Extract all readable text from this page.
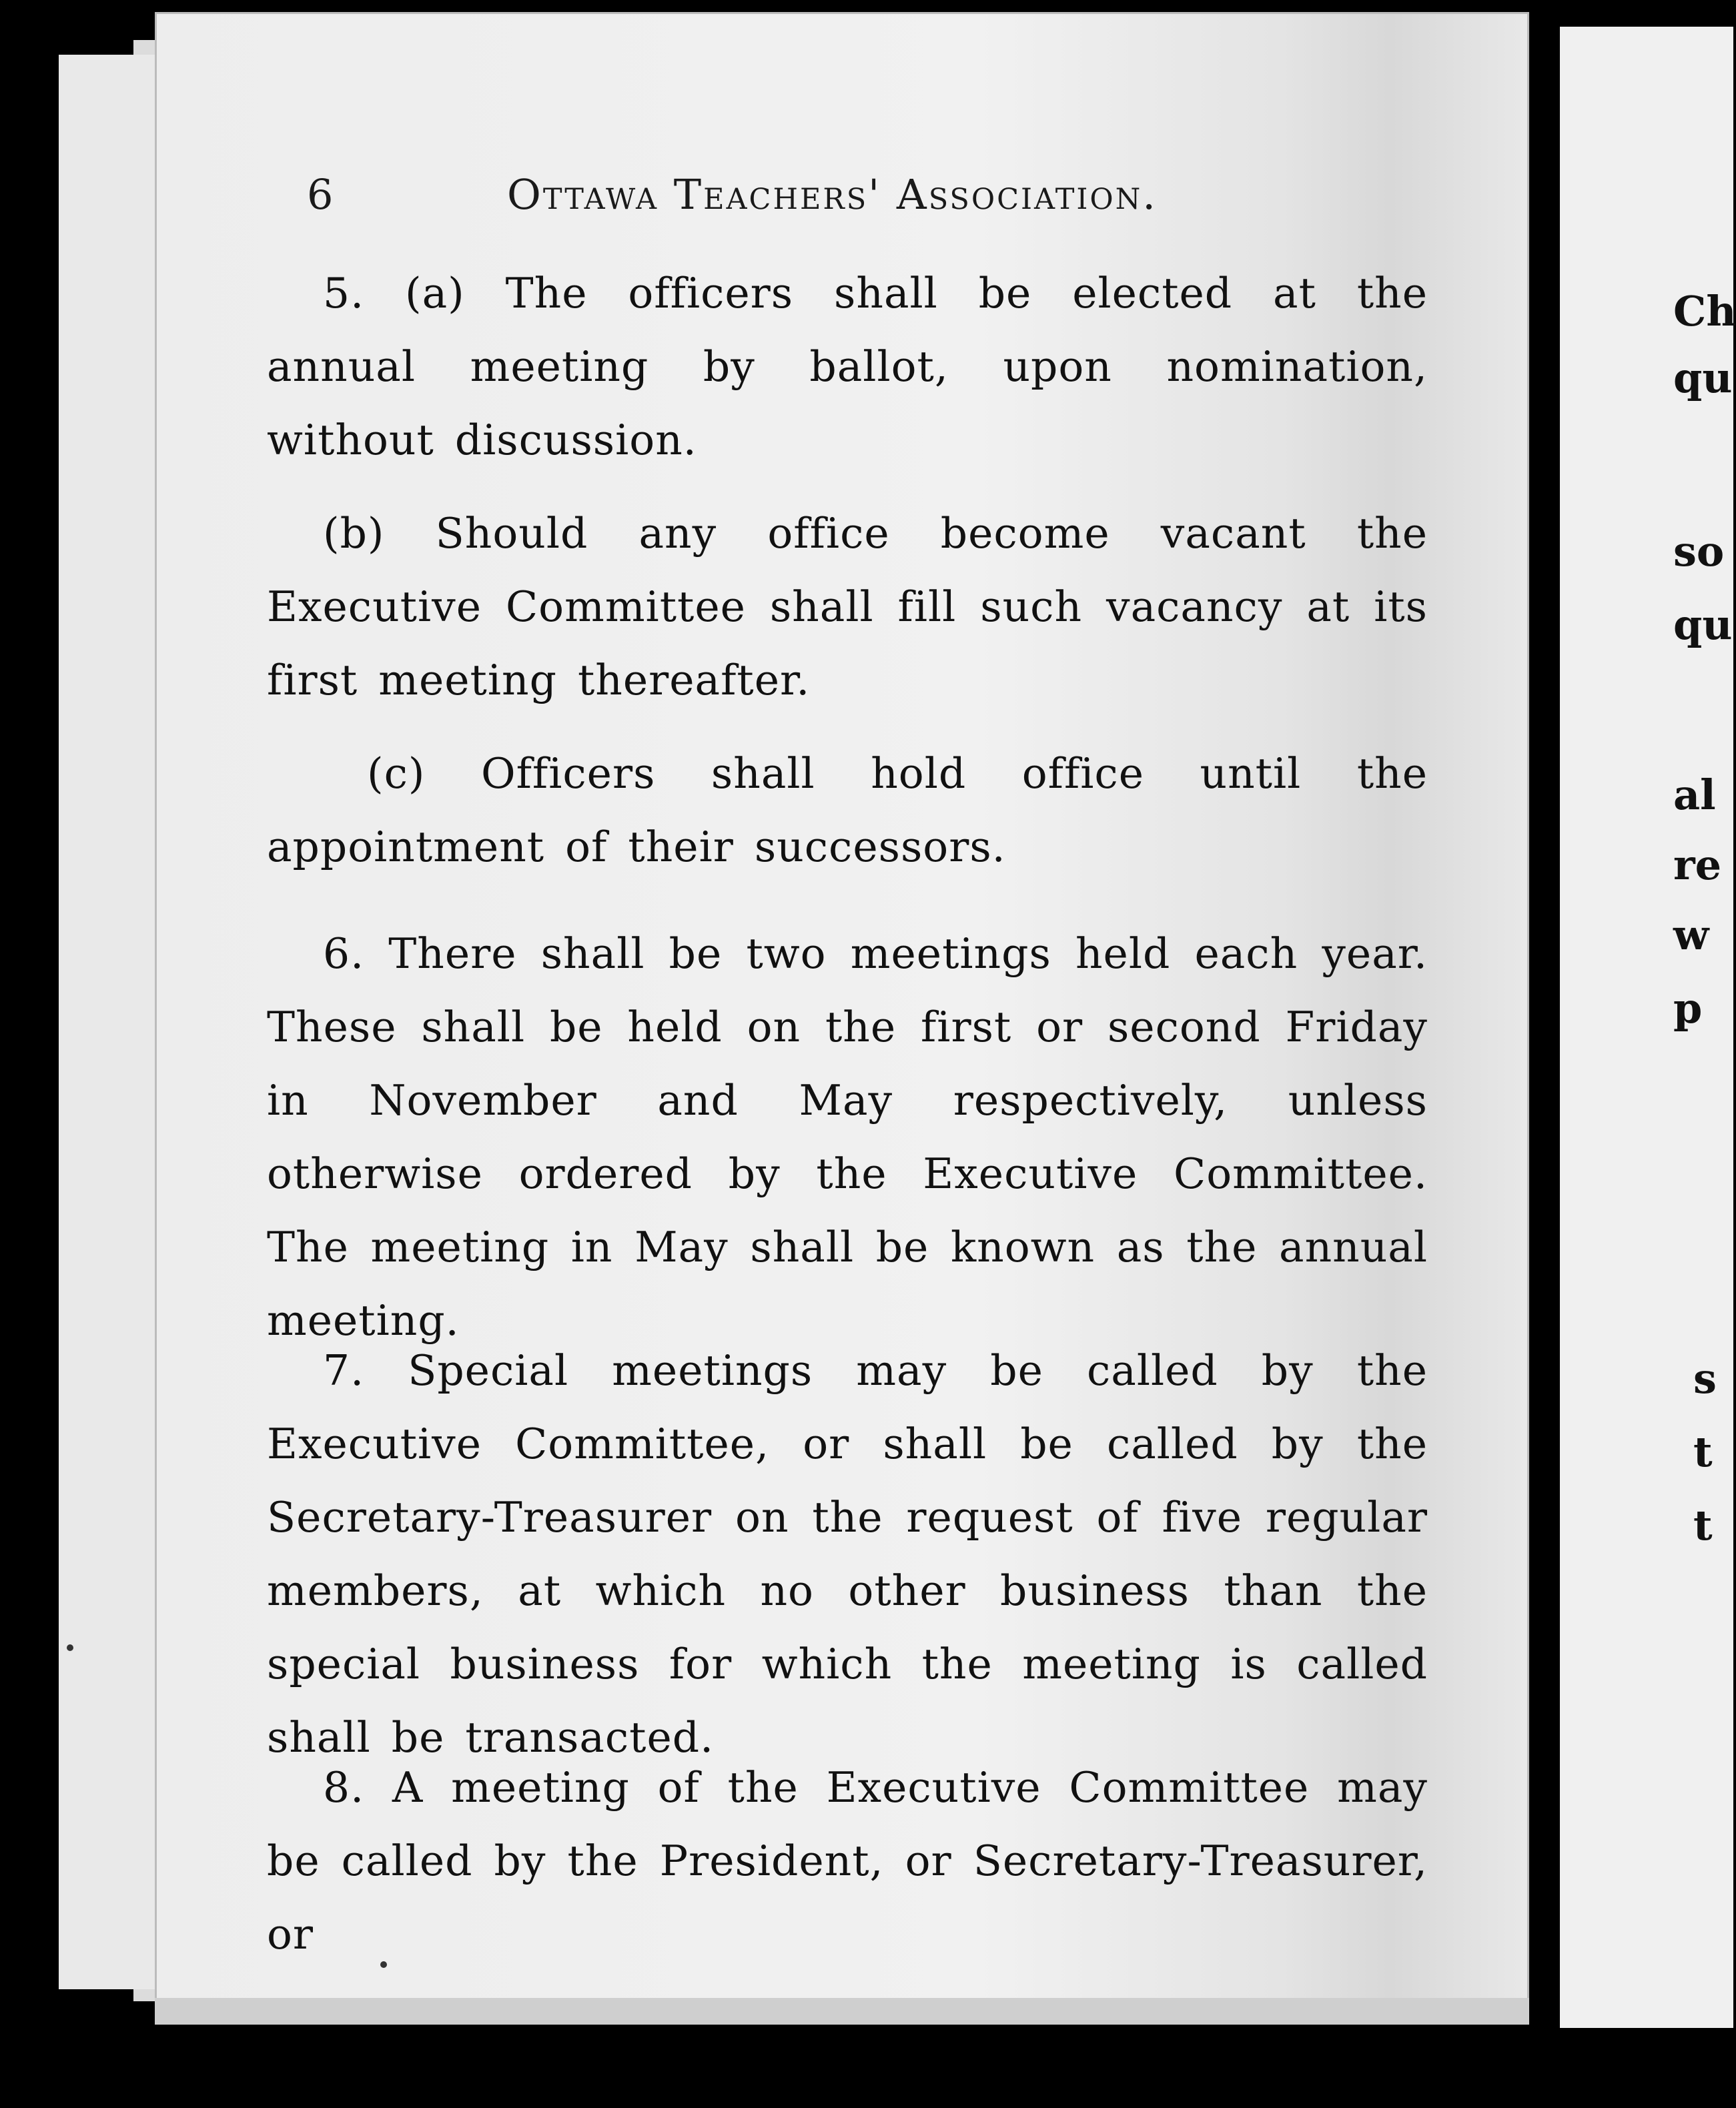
Ch
qu
so
qu
al
re
w
p
s
t
t
6	Ottawa Teachers' Association.
5. (a) The officers shall be elected at the annual meeting by ballot, upon nomination, without discussion.
(b) Should any office become vacant the Executive Committee shall fill such vacancy at its first meeting thereafter.
(c) Officers shall hold office until the appointment of their successors.
6. There shall be two meetings held each year. These shall be held on the first or second Friday in November and May respectively, unless otherwise ordered by the Executive Committee. The meeting in May shall be known as the annual meeting.
7. Special meetings may be called by the Executive Committee, or shall be called by the Secretary-Treasurer on the request of five regular members, at which no other business than the special business for which the meeting is called shall be transacted.
8. A meeting of the Executive Committee may be called by the President, or Secretary-Treasurer, or
